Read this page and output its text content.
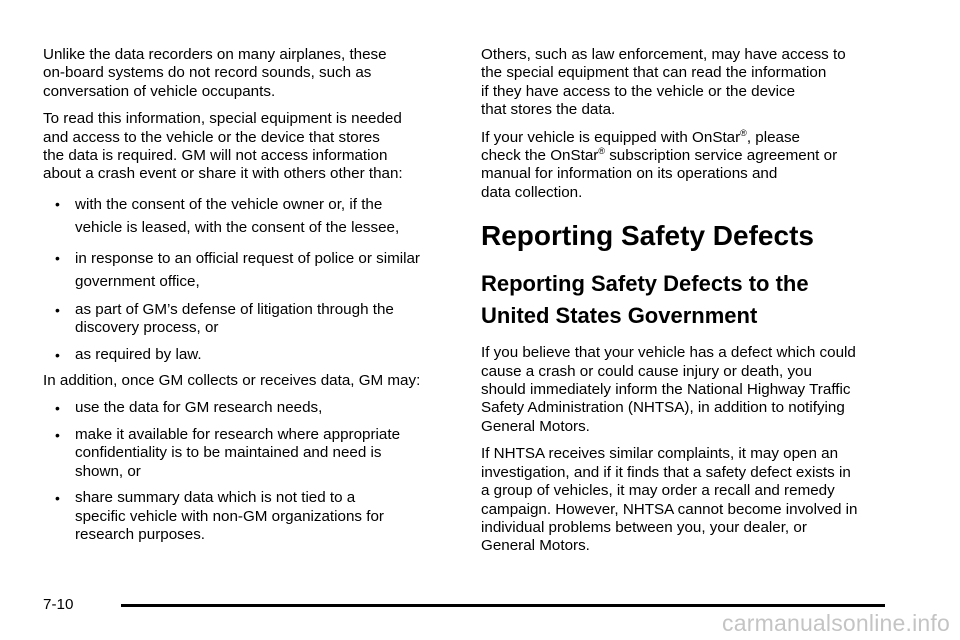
Unlike the data recorders on many airplanes, these
on-board systems do not record sounds, such as
conversation of vehicle occupants.

To read this information, special equipment is needed
and access to the vehicle or the device that stores
the data is required. GM will not access information
about a crash event or share it with others other than:

• with the consent of the vehicle owner or, if the
vehicle is leased, with the consent of the lessee,
• in response to an official request of police or similar
government office,
• as part of GM’s defense of litigation through the
discovery process, or
• as required by law.

In addition, once GM collects or receives data, GM may:

• use the data for GM research needs,
• make it available for research where appropriate
confidentiality is to be maintained and need is
shown, or
• share summary data which is not tied to a
specific vehicle with non-GM organizations for
research purposes.

Others, such as law enforcement, may have access to
the special equipment that can read the information
if they have access to the vehicle or the device
that stores the data.

If your vehicle is equipped with OnStar®, please
check the OnStar® subscription service agreement or
manual for information on its operations and
data collection.

Reporting Safety Defects
Reporting Safety Defects to the
United States Government

If you believe that your vehicle has a defect which could
cause a crash or could cause injury or death, you
should immediately inform the National Highway Traffic
Safety Administration (NHTSA), in addition to notifying
General Motors.

If NHTSA receives similar complaints, it may open an
investigation, and if it finds that a safety defect exists in
a group of vehicles, it may order a recall and remedy
campaign. However, NHTSA cannot become involved in
individual problems between you, your dealer, or
General Motors.

7-10
carmanualsonline.info
